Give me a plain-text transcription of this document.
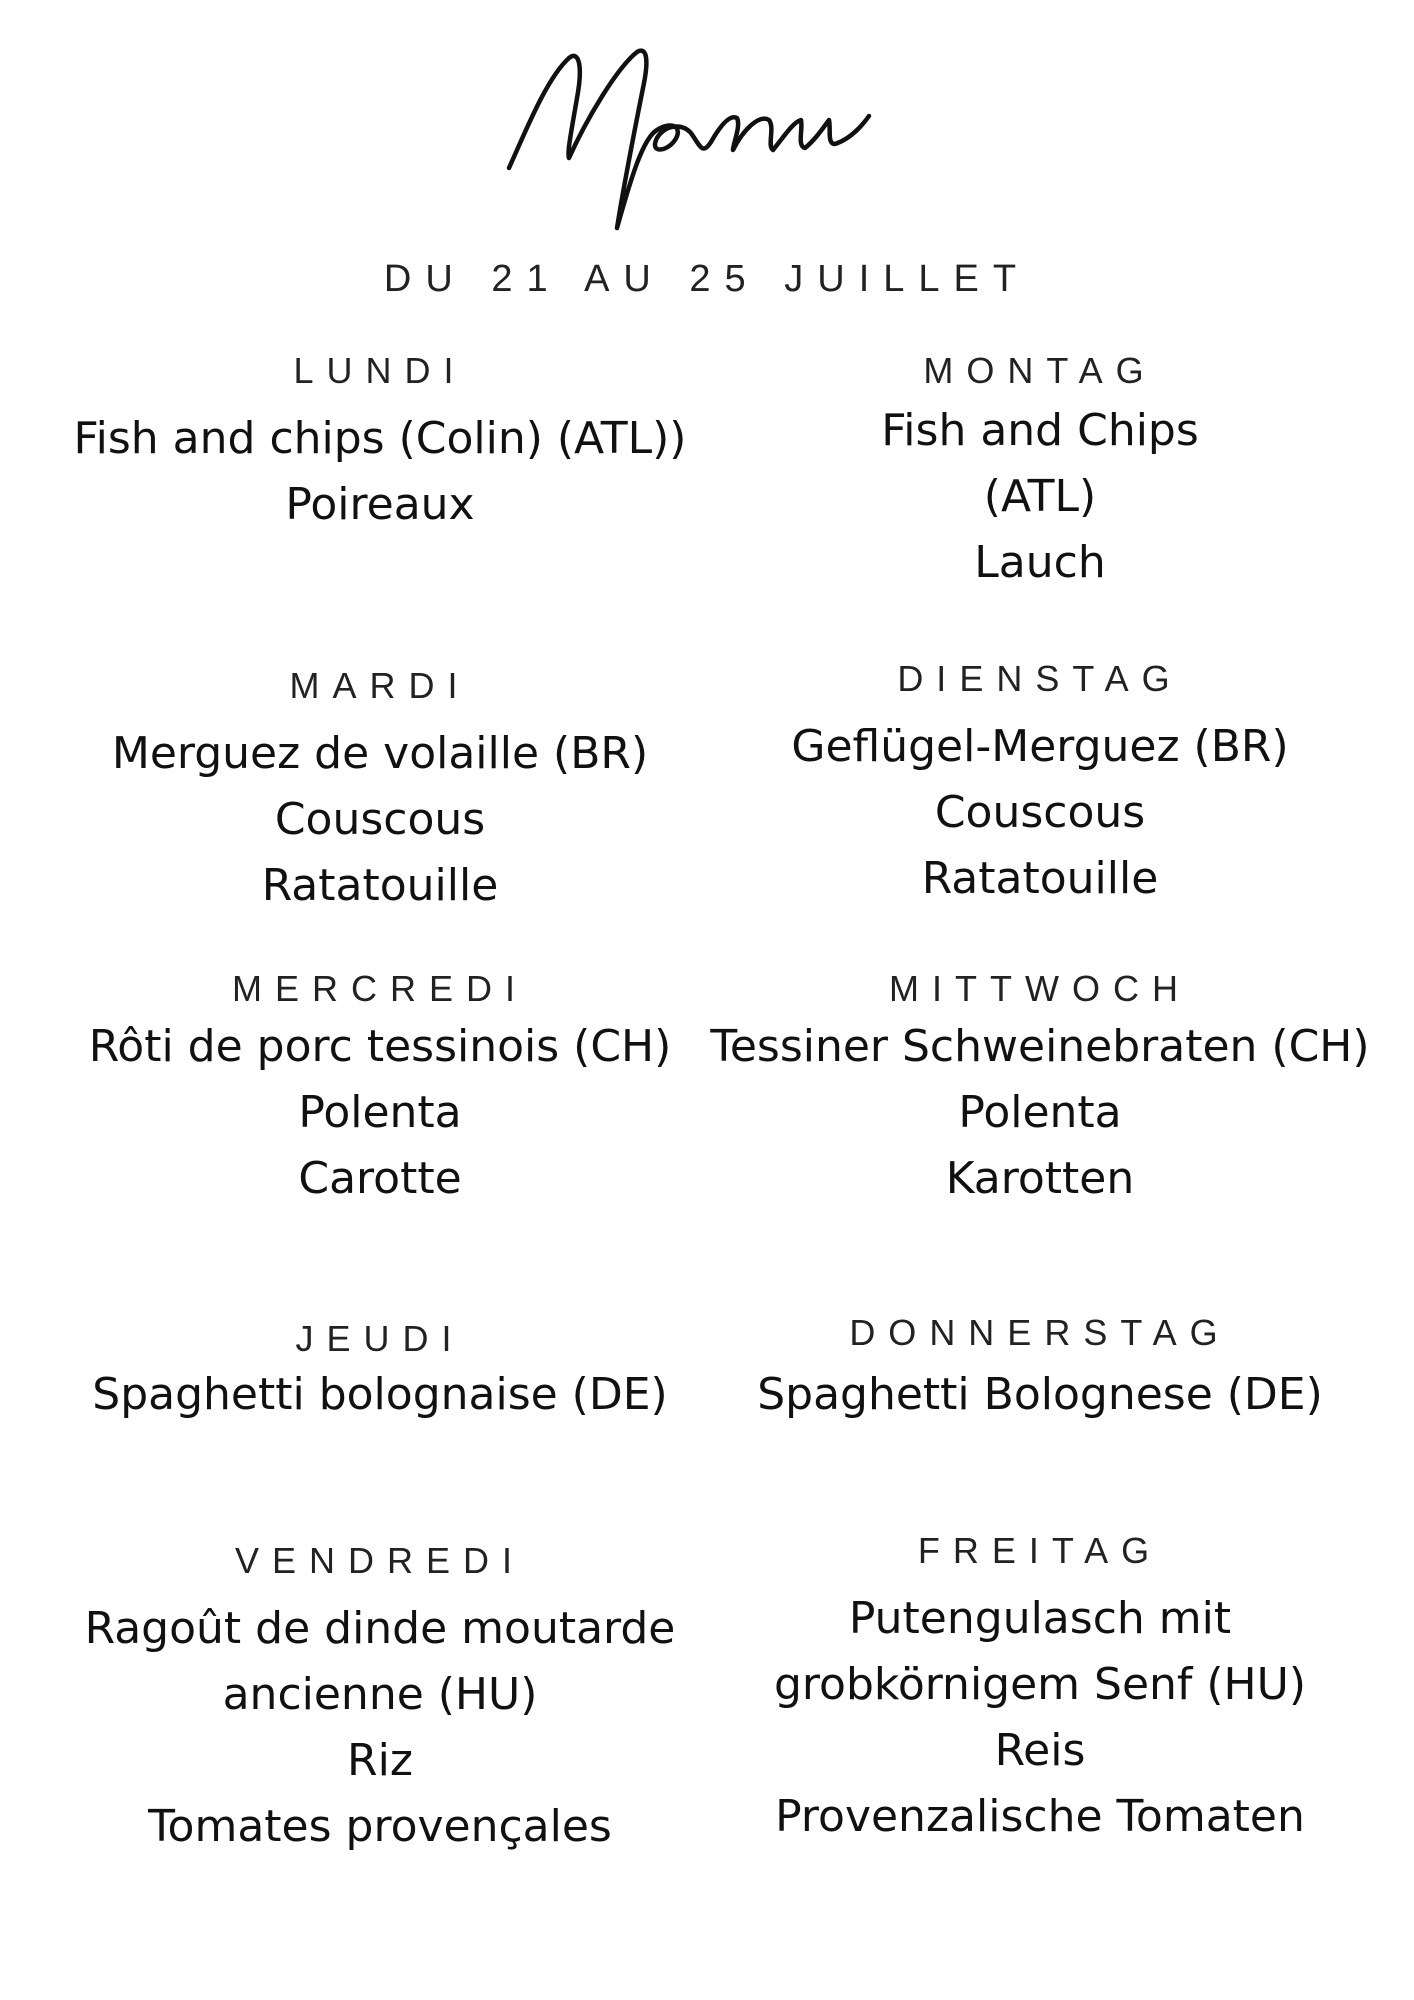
Menu
DU 21 AU 25 JUILLET
LUNDI
Fish and chips (Colin) (ATL))
Poireaux
MONTAG
Fish and Chips
(ATL)
Lauch
MARDI
Merguez de volaille (BR)
Couscous
Ratatouille
DIENSTAG
Geflügel-Merguez (BR)
Couscous
Ratatouille
MERCREDI
Rôti de porc tessinois (CH)
Polenta
Carotte
MITTWOCH
Tessiner Schweinebraten (CH)
Polenta
Karotten
JEUDI
Spaghetti bolognaise (DE)
DONNERSTAG
Spaghetti Bolognese (DE)
VENDREDI
Ragoût de dinde moutarde
ancienne (HU)
Riz
Tomates provençales
FREITAG
Putengulasch mit
grobkörnigem Senf (HU)
Reis
Provenzalische Tomaten
